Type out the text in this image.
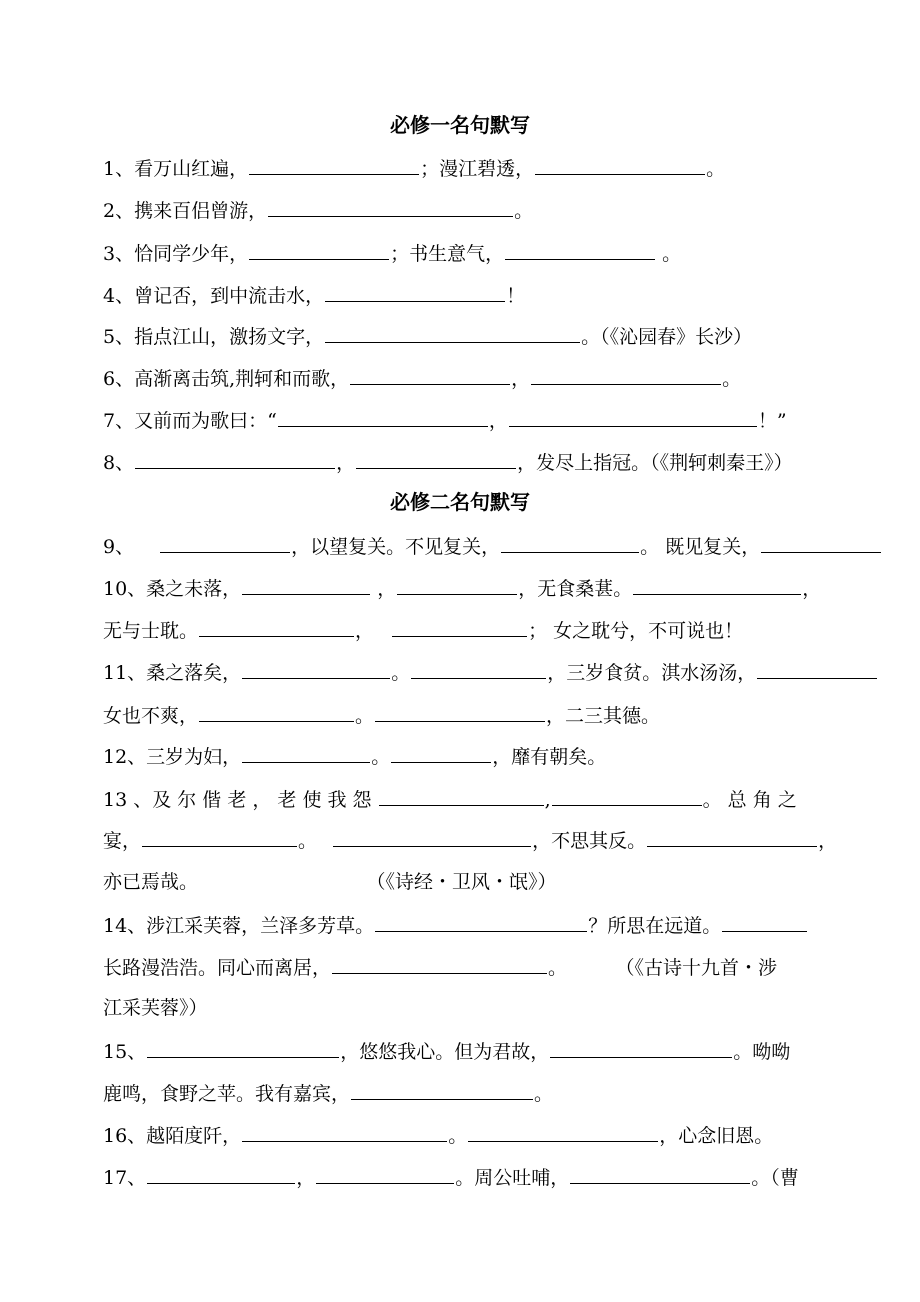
必修一名句默写
1、看万山红遍，	；漫江碧透，	。
2、携来百侣曾游，	。
3、恰同学少年，	；书生意气，	。
4、曾记否，到中流击水，	！
5、指点江山，激扬文字，	。（《沁园春》长沙）
6、高渐离击筑,荆轲和而歌，	，	。
7、又前而为歌曰：“	，	！”
8、	，	，发尽上指冠。（《荆轲刺秦王》）
必修二名句默写
9、	，以望复关。不见复关，	。 既见复关，
10、桑之未落，	，	，无食桑葚。	，
无与士耽。	，	； 女之耽兮，不可说也！
11、桑之落矣，	。	，三岁食贫。淇水汤汤，
女也不爽，	。	，二三其德。
12、三岁为妇，	。	，靡有朝矣。
13 、及 尔 偕 老 ， 老 使 我 怨	,	。 总 角 之
宴，	。	，不思其反。	，
亦已焉哉。	（《诗经・卫风・氓》）
14、涉江采芙蓉，兰泽多芳草。	？所思在远道。
长路漫浩浩。同心而离居，	。	（《古诗十九首・涉
江采芙蓉》）
15、	，悠悠我心。但为君故，	。呦呦
鹿鸣，食野之苹。我有嘉宾，	。
16、越陌度阡，	。	，心念旧恩。
17、	，	。周公吐哺，	。（曹
